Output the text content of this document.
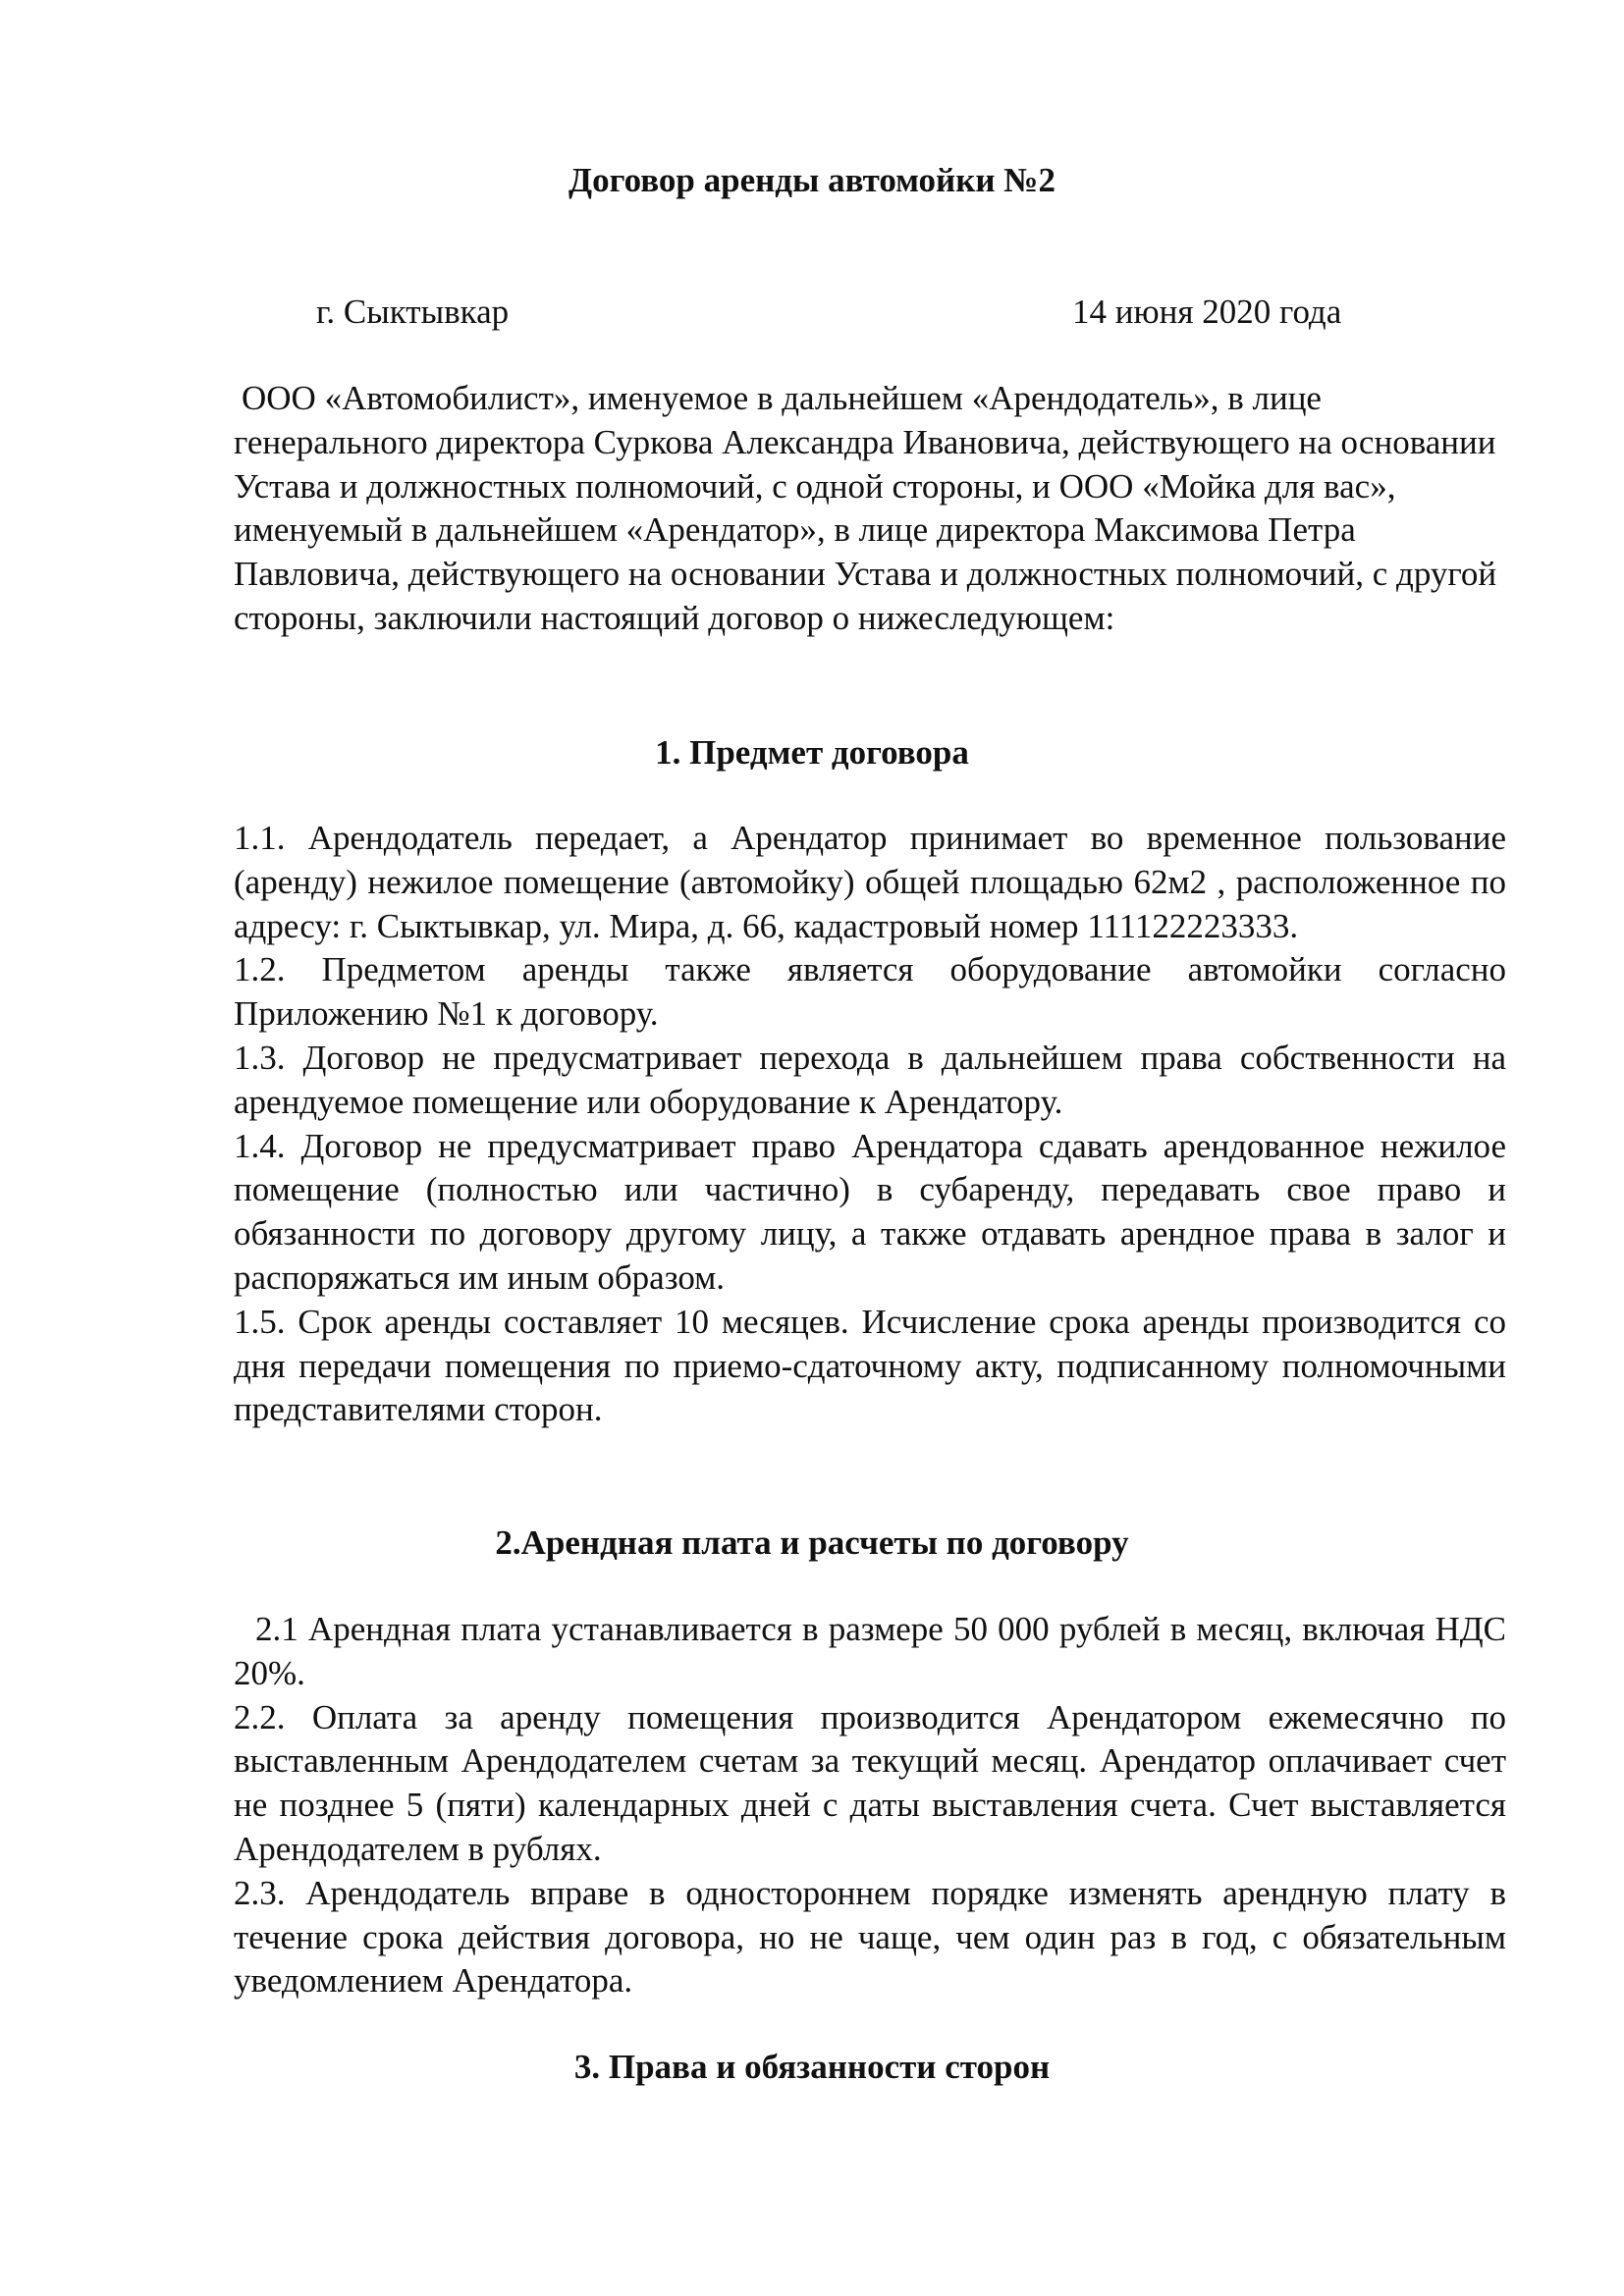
Договор аренды автомойки №2
г. Сыктывкар	14 июня 2020 года

ООО «Автомобилист», именуемое в дальнейшем «Арендодатель», в лице генерального директора Суркова Александра Ивановича, действующего на основании Устава и должностных полномочий, с одной стороны, и ООО «Мойка для вас», именуемый в дальнейшем «Арендатор», в лице директора Максимова Петра Павловича, действующего на основании Устава и должностных полномочий, с другой стороны, заключили настоящий договор о нижеследующем:

1. Предмет договора
1.1. Арендодатель передает, а Арендатор принимает во временное пользование (аренду) нежилое помещение (автомойку) общей площадью 62м2 , расположенное по адресу: г. Сыктывкар, ул. Мира, д. 66, кадастровый номер 111122223333.
1.2. Предметом аренды также является оборудование автомойки согласно Приложению №1 к договору.
1.3. Договор не предусматривает перехода в дальнейшем права собственности на арендуемое помещение или оборудование к Арендатору.
1.4. Договор не предусматривает право Арендатора сдавать арендованное нежилое помещение (полностью или частично) в субаренду, передавать свое право и обязанности по договору другому лицу, а также отдавать арендное права в залог и распоряжаться им иным образом.
1.5. Срок аренды составляет 10 месяцев. Исчисление срока аренды производится со дня передачи помещения по приемо-сдаточному акту, подписанному полномочными представителями сторон.
2.Арендная плата и расчеты по договору
2.1 Арендная плата устанавливается в размере 50 000 рублей в месяц, включая НДС 20%.
2.2. Оплата за аренду помещения производится Арендатором ежемесячно по выставленным Арендодателем счетам за текущий месяц. Арендатор оплачивает счет не позднее 5 (пяти) календарных дней с даты выставления счета. Счет выставляется Арендодателем в рублях.
2.3. Арендодатель вправе в одностороннем порядке изменять арендную плату в течение срока действия договора, но не чаще, чем один раз в год, с обязательным уведомлением Арендатора.
3. Права и обязанности сторон
